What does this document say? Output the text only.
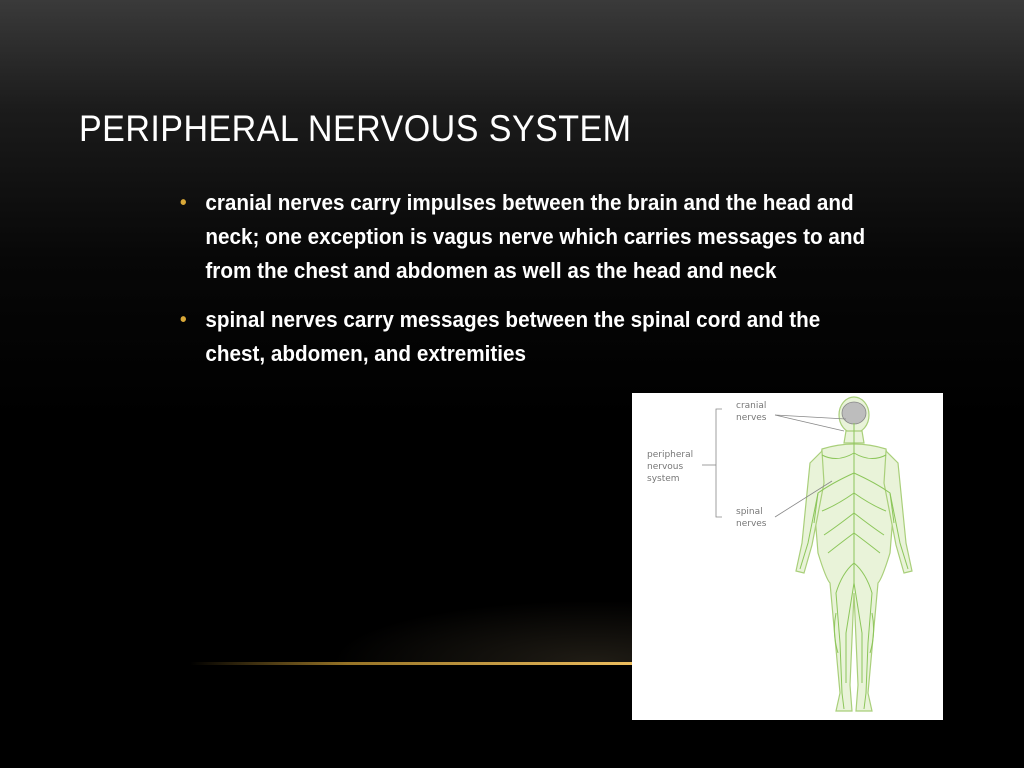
PERIPHERAL NERVOUS SYSTEM
• cranial nerves carry impulses between the brain and the head and neck; one exception is vagus nerve which carries messages to and from the chest and abdomen as well as the head and neck
• spinal nerves carry messages between the spinal cord and the chest, abdomen, and extremities
cranial
nerves
peripheral
nervous
system
spinal
nerves
